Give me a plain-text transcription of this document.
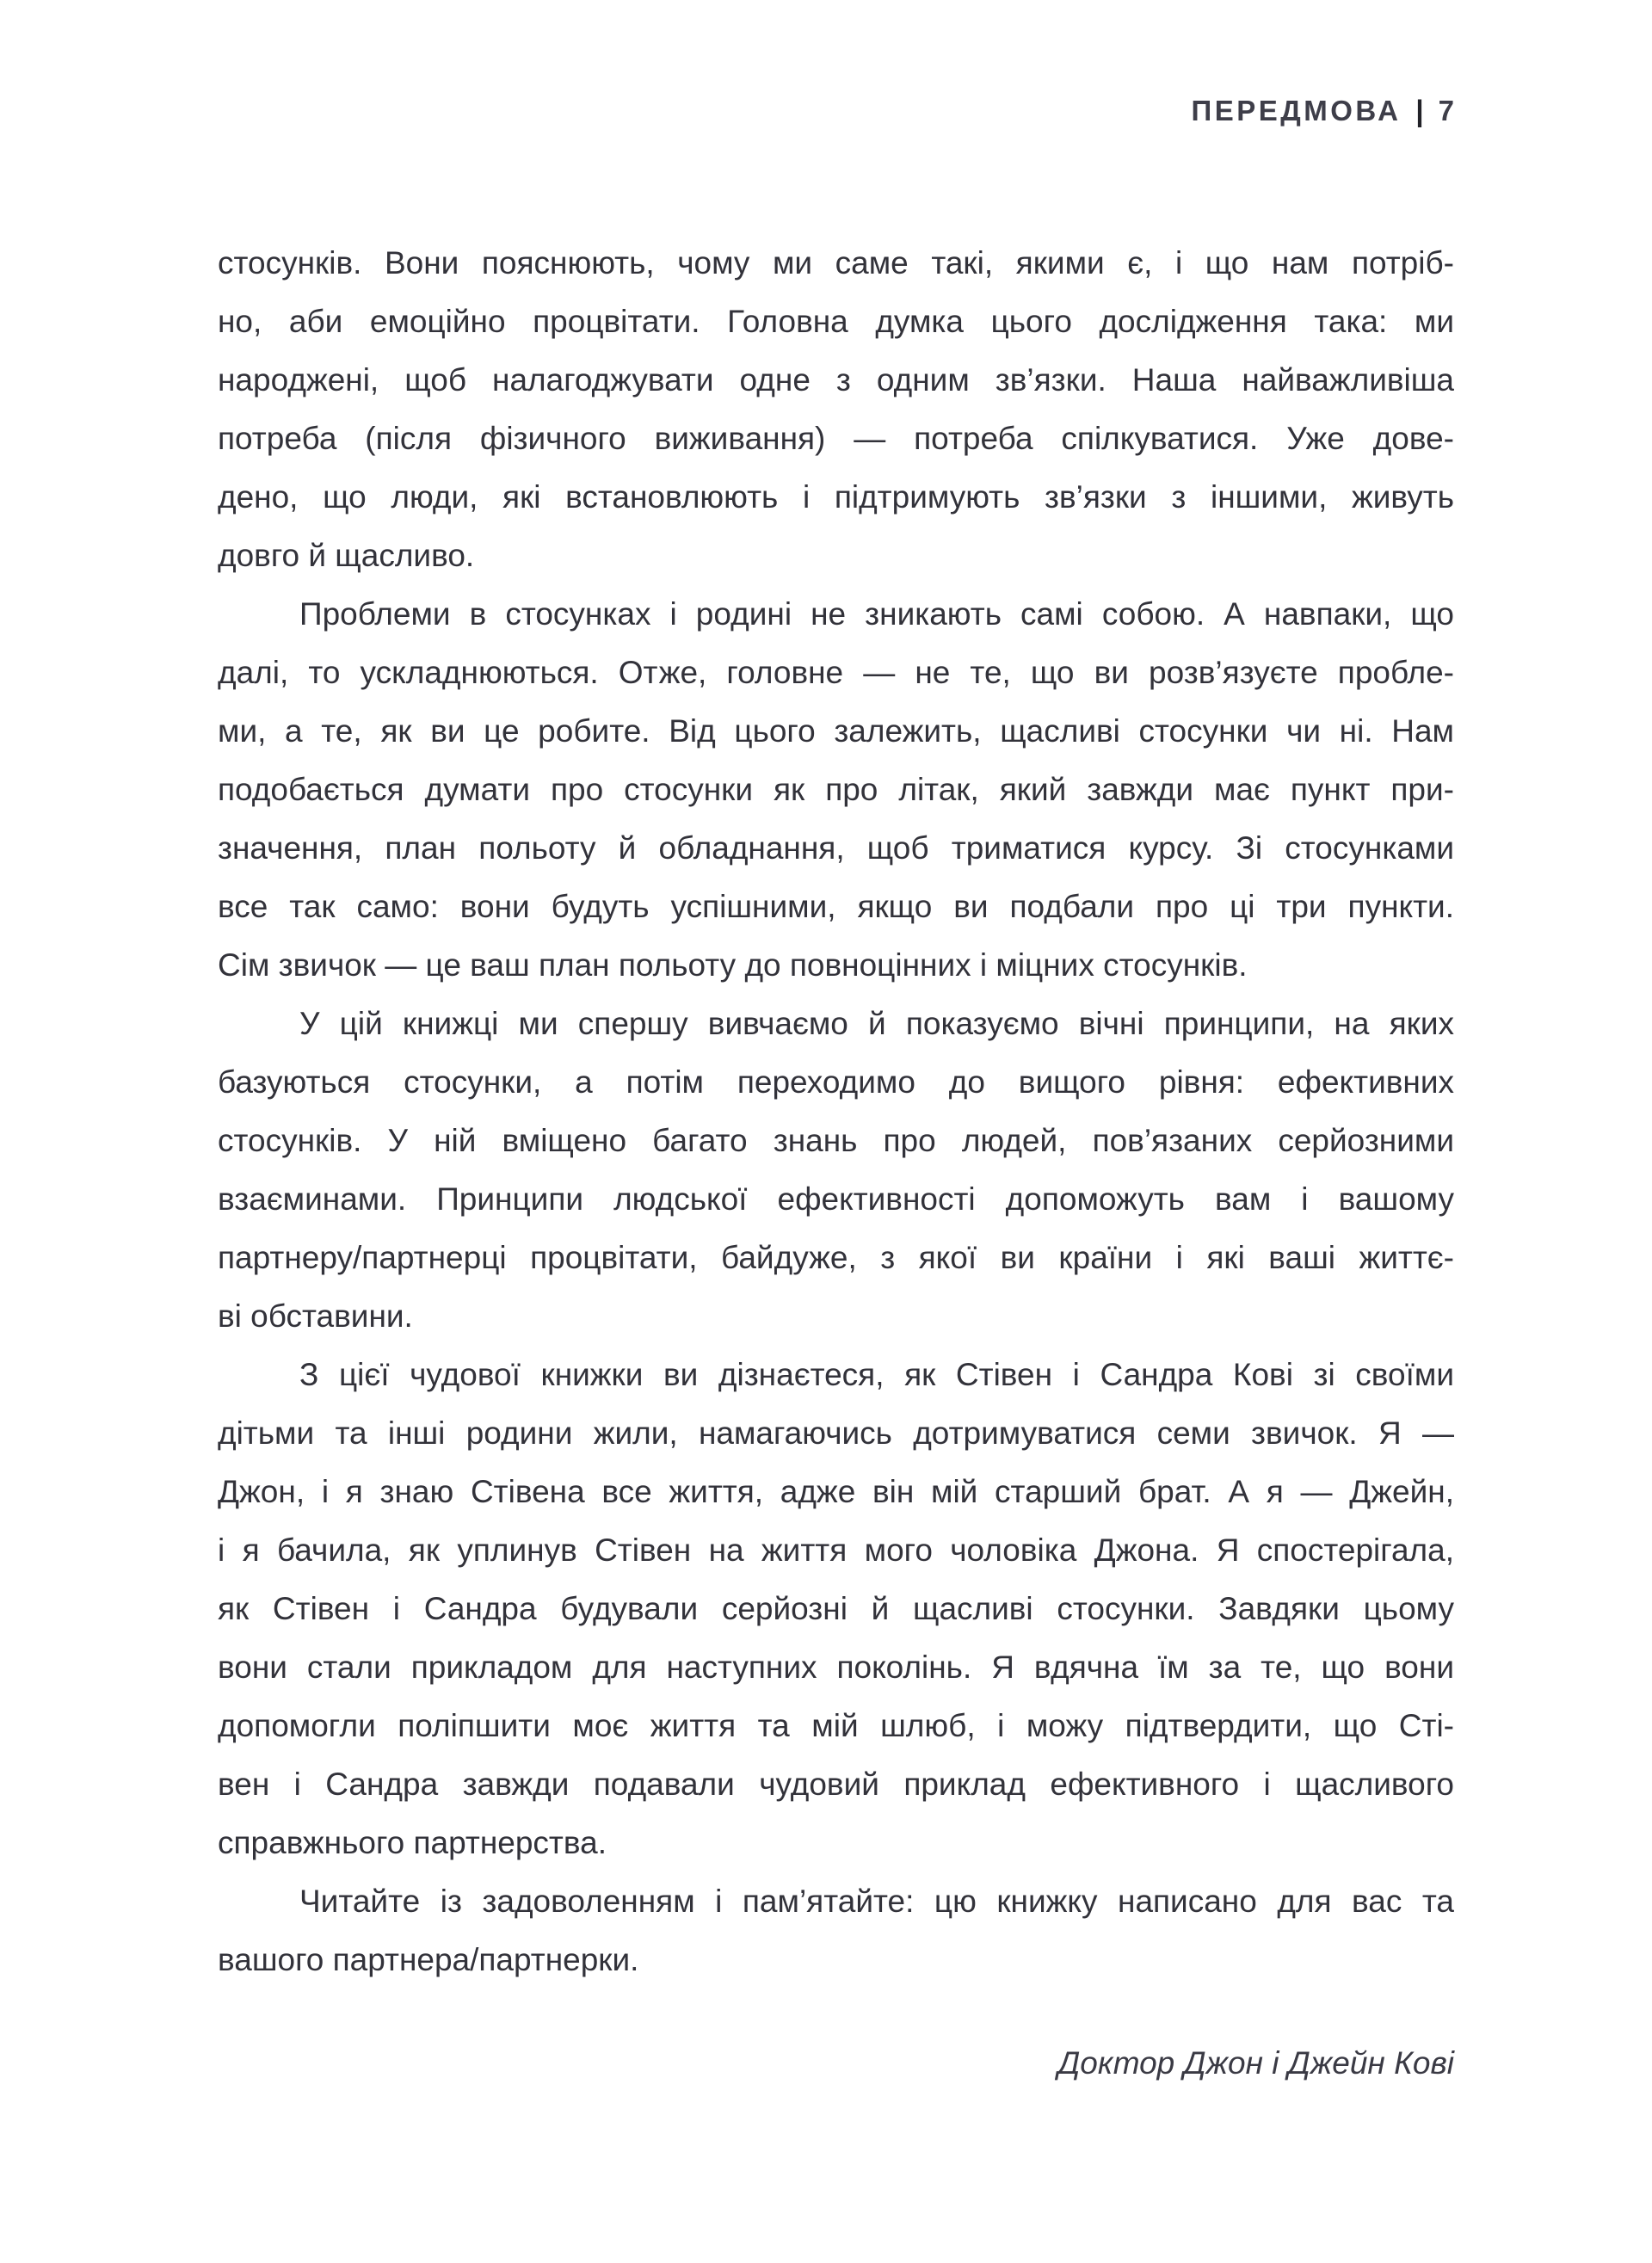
ПЕРЕДМОВА | 7
стосунків. Вони пояснюють, чому ми саме такі, якими є, і що нам потріб-
но, аби емоційно процвітати. Головна думка цього дослідження така: ми
народжені, щоб налагоджувати одне з одним зв’язки. Наша найважливіша
потреба (після фізичного виживання) — потреба спілкуватися. Уже дове-
дено, що люди, які встановлюють і підтримують зв’язки з іншими, живуть
довго й щасливо.
Проблеми в стосунках і родині не зникають самі собою. А навпаки, що
далі, то ускладнюються. Отже, головне — не те, що ви розв’язуєте пробле-
ми, а те, як ви це робите. Від цього залежить, щасливі стосунки чи ні. Нам
подобається думати про стосунки як про літак, який завжди має пункт при-
значення, план польоту й обладнання, щоб триматися курсу. Зі стосунками
все так само: вони будуть успішними, якщо ви подбали про ці три пункти.
Сім звичок — це ваш план польоту до повноцінних і міцних стосунків.
У цій книжці ми спершу вивчаємо й показуємо вічні принципи, на яких
базуються стосунки, а потім переходимо до вищого рівня: ефективних
стосунків. У ній вміщено багато знань про людей, пов’язаних серйозними
взаєминами. Принципи людської ефективності допоможуть вам і вашому
партнеру/партнерці процвітати, байдуже, з якої ви країни і які ваші життє-
ві обставини.
З цієї чудової книжки ви дізнаєтеся, як Стівен і Сандра Кові зі своїми
дітьми та інші родини жили, намагаючись дотримуватися семи звичок. Я —
Джон, і я знаю Стівена все життя, адже він мій старший брат. А я — Джейн,
і я бачила, як уплинув Стівен на життя мого чоловіка Джона. Я спостерігала,
як Стівен і Сандра будували серйозні й щасливі стосунки. Завдяки цьому
вони стали прикладом для наступних поколінь. Я вдячна їм за те, що вони
допомогли поліпшити моє життя та мій шлюб, і можу підтвердити, що Сті-
вен і Сандра завжди подавали чудовий приклад ефективного і щасливого
справжнього партнерства.
Читайте із задоволенням і пам’ятайте: цю книжку написано для вас та
вашого партнера/партнерки.
Доктор Джон і Джейн Кові
